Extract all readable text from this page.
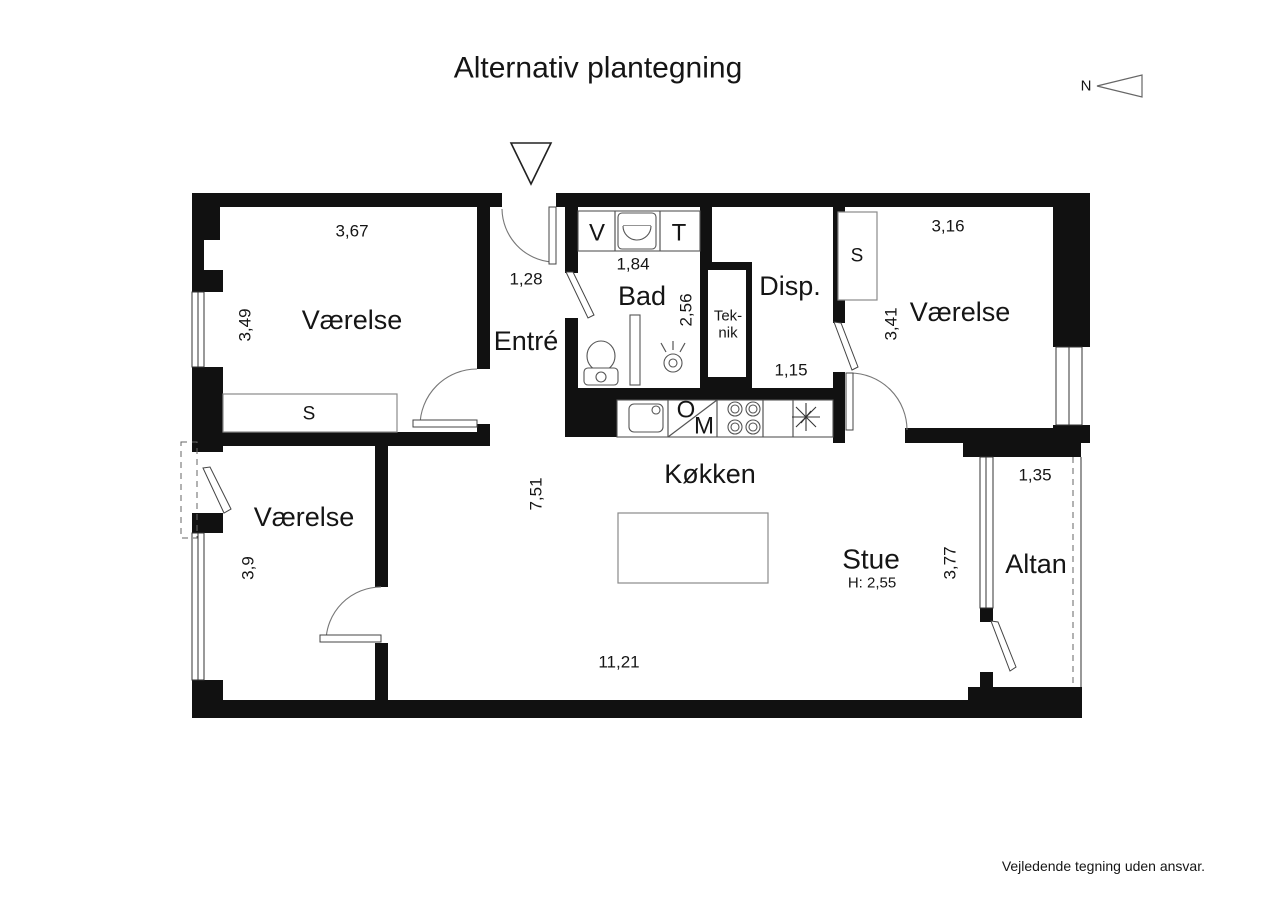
Alternativ plantegning
N
O
M
V	T
Værelse
3,67
3,49
S
Entré
1,28
Bad
1,84
2,56 Tek-
nik
Disp.
1,15
Værelse
3,16
3,41
S
Værelse
3,9
Køkken
Stue
H: 2,55
3,77
7,51
11,21
Altan
1,35
Vejledende tegning uden ansvar.
